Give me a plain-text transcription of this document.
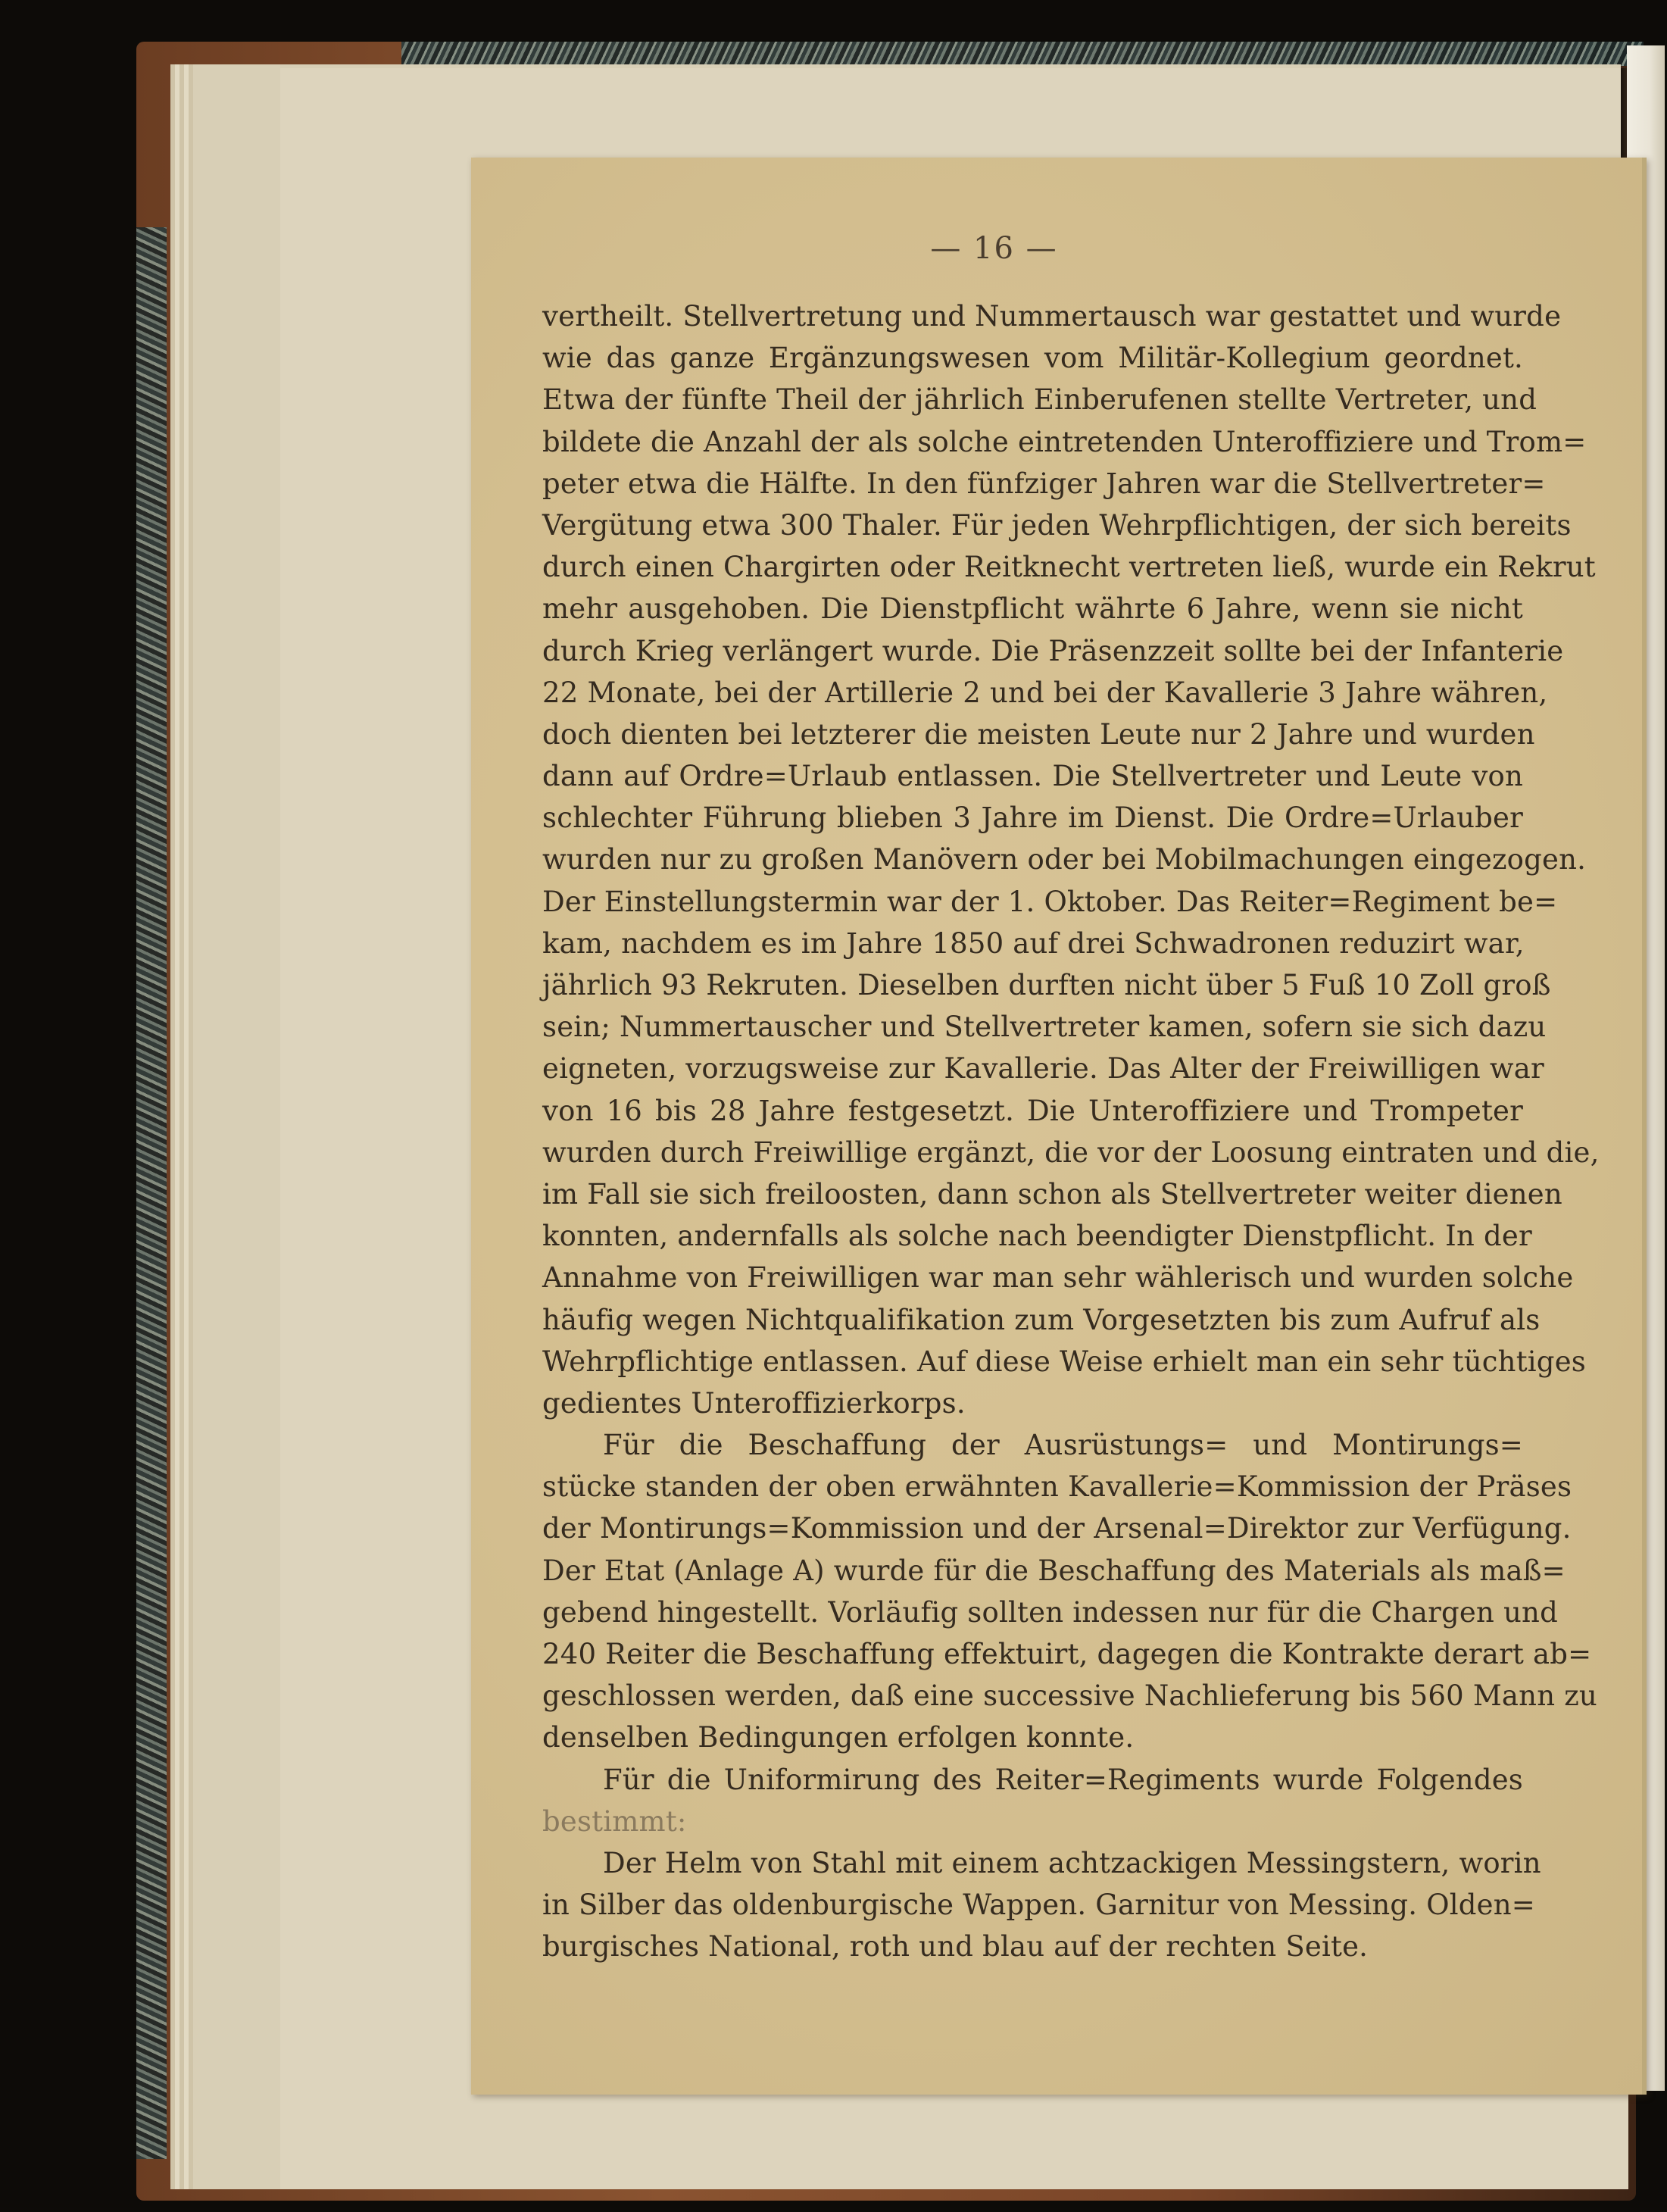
— 16 —
vertheilt. Stellvertretung und Nummertausch war gestattet und wurde
wie das ganze Ergänzungswesen vom Militär-Kollegium geordnet.
Etwa der fünfte Theil der jährlich Einberufenen stellte Vertreter, und
bildete die Anzahl der als solche eintretenden Unteroffiziere und Trom=
peter etwa die Hälfte. In den fünfziger Jahren war die Stellvertreter=
Vergütung etwa 300 Thaler. Für jeden Wehrpflichtigen, der sich bereits
durch einen Chargirten oder Reitknecht vertreten ließ, wurde ein Rekrut
mehr ausgehoben. Die Dienstpflicht währte 6 Jahre, wenn sie nicht
durch Krieg verlängert wurde. Die Präsenzzeit sollte bei der Infanterie
22 Monate, bei der Artillerie 2 und bei der Kavallerie 3 Jahre währen,
doch dienten bei letzterer die meisten Leute nur 2 Jahre und wurden
dann auf Ordre=Urlaub entlassen. Die Stellvertreter und Leute von
schlechter Führung blieben 3 Jahre im Dienst. Die Ordre=Urlauber
wurden nur zu großen Manövern oder bei Mobilmachungen eingezogen.
Der Einstellungstermin war der 1. Oktober. Das Reiter=Regiment be=
kam, nachdem es im Jahre 1850 auf drei Schwadronen reduzirt war,
jährlich 93 Rekruten. Dieselben durften nicht über 5 Fuß 10 Zoll groß
sein; Nummertauscher und Stellvertreter kamen, sofern sie sich dazu
eigneten, vorzugsweise zur Kavallerie. Das Alter der Freiwilligen war
von 16 bis 28 Jahre festgesetzt. Die Unteroffiziere und Trompeter
wurden durch Freiwillige ergänzt, die vor der Loosung eintraten und die,
im Fall sie sich freiloosten, dann schon als Stellvertreter weiter dienen
konnten, andernfalls als solche nach beendigter Dienstpflicht. In der
Annahme von Freiwilligen war man sehr wählerisch und wurden solche
häufig wegen Nichtqualifikation zum Vorgesetzten bis zum Aufruf als
Wehrpflichtige entlassen. Auf diese Weise erhielt man ein sehr tüchtiges
gedientes Unteroffizierkorps.
Für die Beschaffung der Ausrüstungs= und Montirungs=
stücke standen der oben erwähnten Kavallerie=Kommission der Präses
der Montirungs=Kommission und der Arsenal=Direktor zur Verfügung.
Der Etat (Anlage A) wurde für die Beschaffung des Materials als maß=
gebend hingestellt. Vorläufig sollten indessen nur für die Chargen und
240 Reiter die Beschaffung effektuirt, dagegen die Kontrakte derart ab=
geschlossen werden, daß eine successive Nachlieferung bis 560 Mann zu
denselben Bedingungen erfolgen konnte.
Für die Uniformirung des Reiter=Regiments wurde Folgendes
bestimmt:
Der Helm von Stahl mit einem achtzackigen Messingstern, worin
in Silber das oldenburgische Wappen. Garnitur von Messing. Olden=
burgisches National, roth und blau auf der rechten Seite.
